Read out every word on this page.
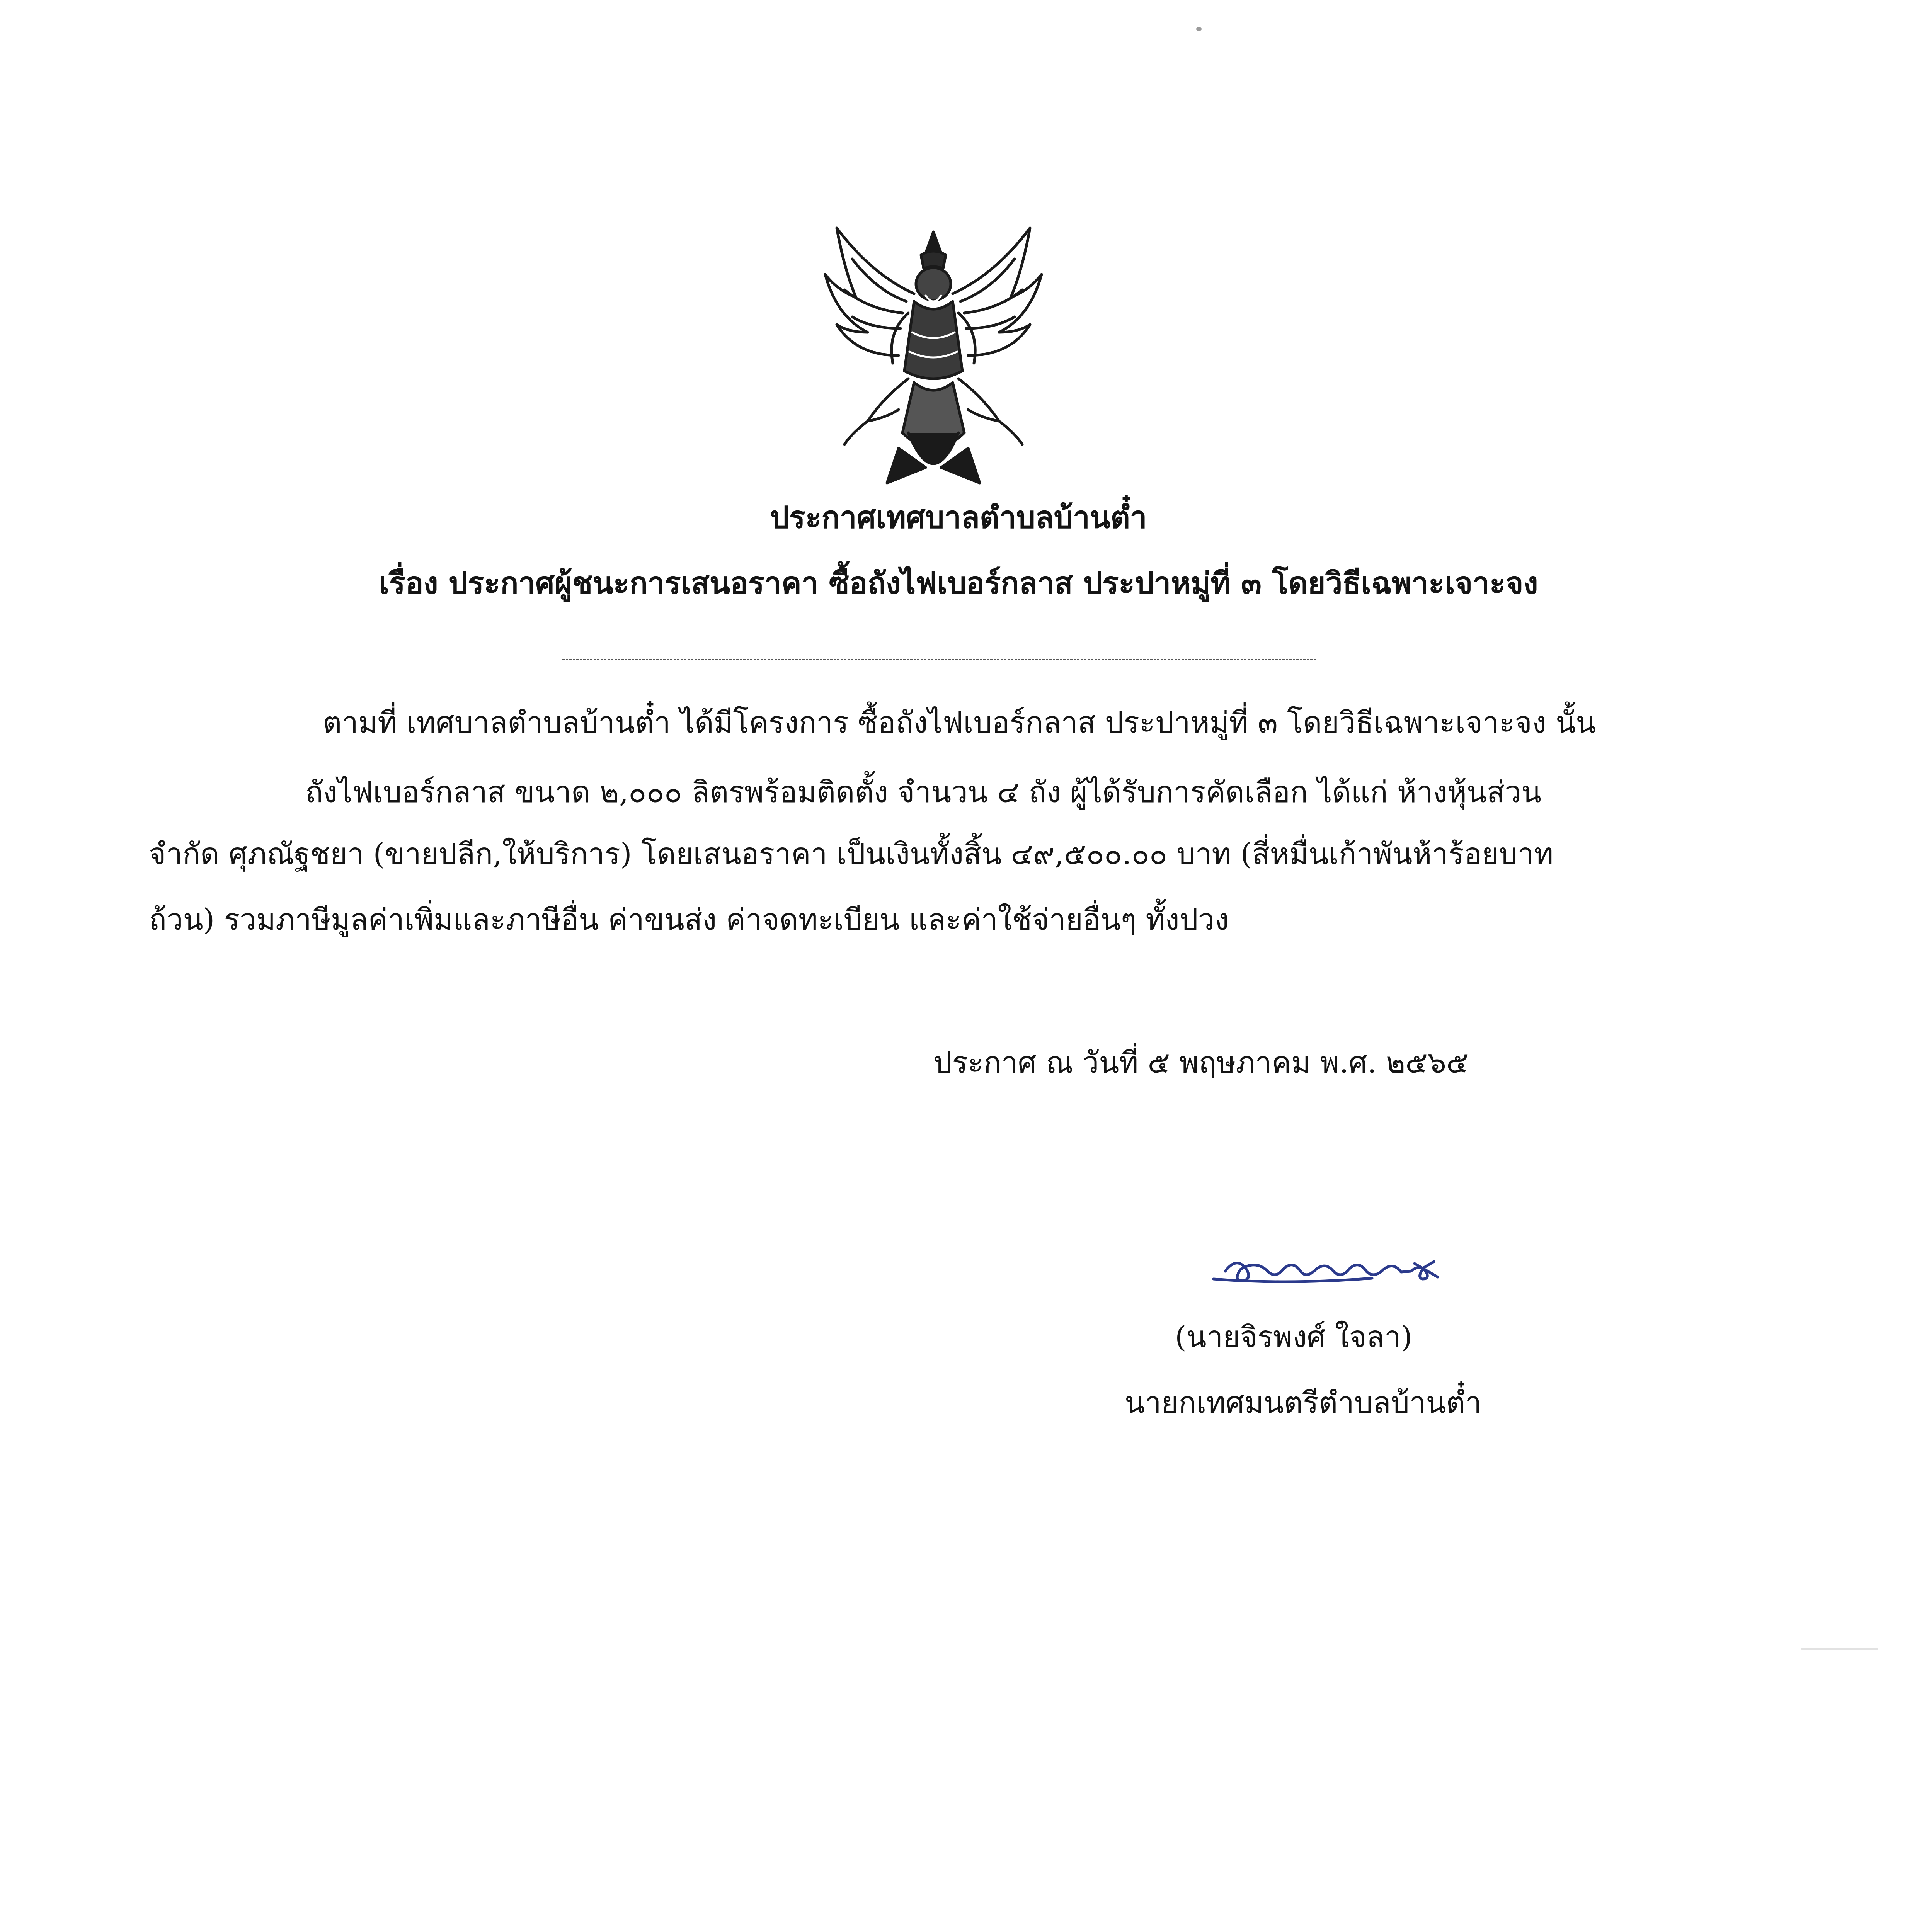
ประกาศเทศบาลตำบลบ้านต๋ำ
เรื่อง ประกาศผู้ชนะการเสนอราคา ซื้อถังไฟเบอร์กลาส ประปาหมู่ที่ ๓ โดยวิธีเฉพาะเจาะจง
ตามที่ เทศบาลตำบลบ้านต๋ำ ได้มีโครงการ ซื้อถังไฟเบอร์กลาส ประปาหมู่ที่ ๓ โดยวิธีเฉพาะเจาะจง นั้น
ถังไฟเบอร์กลาส ขนาด ๒,๐๐๐ ลิตรพร้อมติดตั้ง จำนวน ๔ ถัง ผู้ได้รับการคัดเลือก ได้แก่ ห้างหุ้นส่วน
จำกัด ศุภณัฐชยา (ขายปลีก,ให้บริการ) โดยเสนอราคา เป็นเงินทั้งสิ้น ๔๙,๕๐๐.๐๐ บาท (สี่หมื่นเก้าพันห้าร้อยบาท
ถ้วน) รวมภาษีมูลค่าเพิ่มและภาษีอื่น ค่าขนส่ง ค่าจดทะเบียน และค่าใช้จ่ายอื่นๆ ทั้งปวง
ประกาศ ณ วันที่ ๕ พฤษภาคม พ.ศ. ๒๕๖๕
(นายจิรพงศ์ ใจลา)
นายกเทศมนตรีตำบลบ้านต๋ำ
